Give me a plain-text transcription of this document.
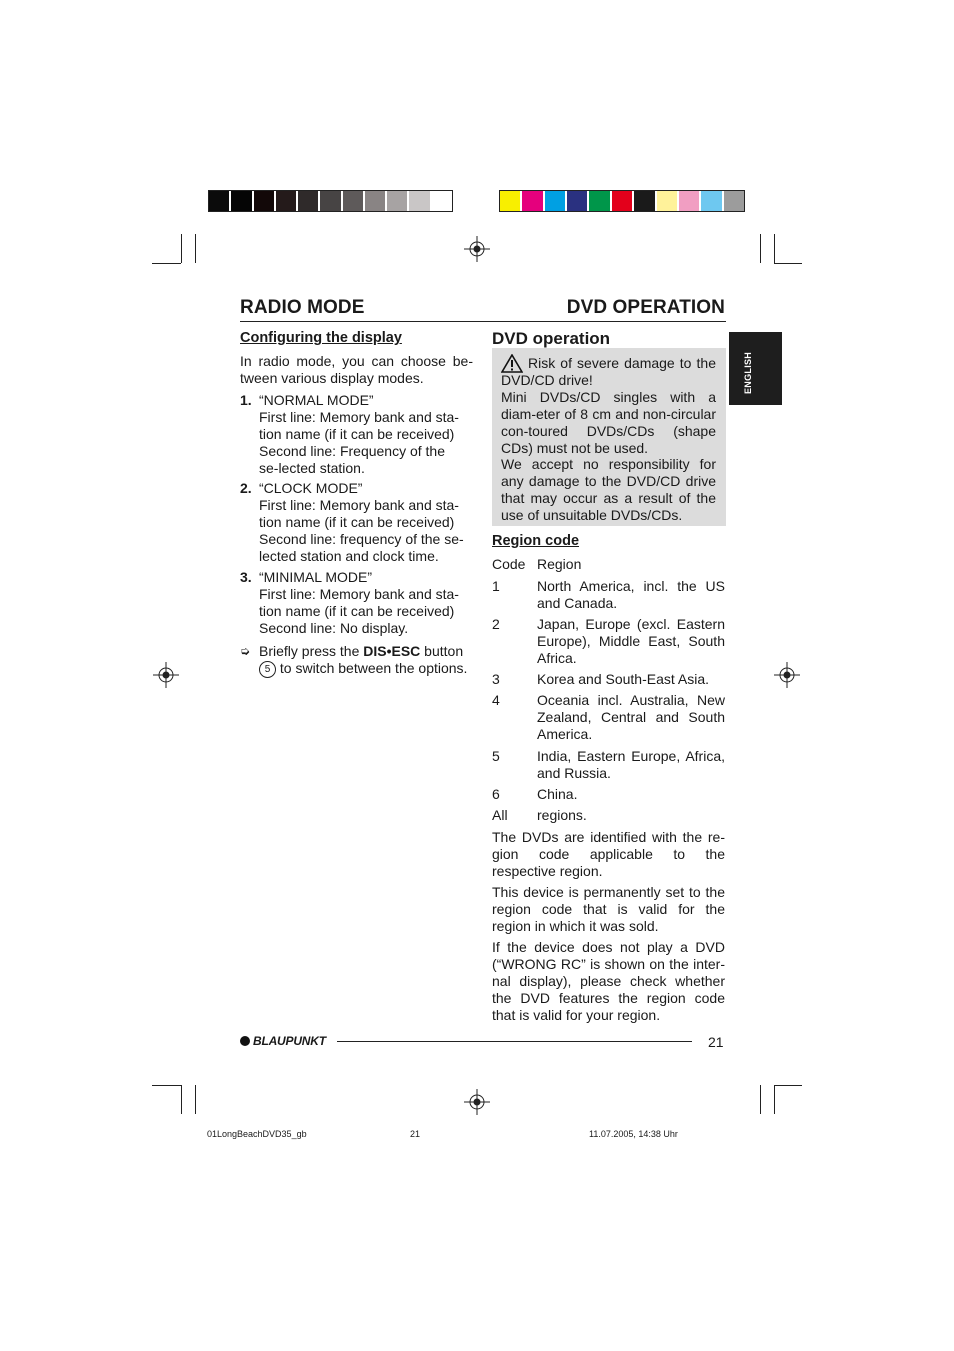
RADIO MODE	DVD OPERATION
ENGLISH
Configuring the display
In radio mode, you can choose be-tween various display modes.
1. “NORMAL MODE”
First line: Memory bank and sta-tion name (if it can be received) Second line: Frequency of the se-lected station.
2. “CLOCK MODE”
First line: Memory bank and sta-tion name (if it can be received) Second line: frequency of the se-lected station and clock time.
3. “MINIMAL MODE”
First line: Memory bank and sta-tion name (if it can be received) Second line: No display.
➭ Briefly press the DIS•ESC button
5 to switch between the options.
DVD operation
Risk of severe damage to the DVD/CD drive!
Mini DVDs/CD singles with a diam-eter of 8 cm and non-circular con-toured DVDs/CDs (shape CDs) must not be used.
We accept no responsibility for any damage to the DVD/CD drive that may occur as a result of the use of unsuitable DVDs/CDs.
Region code
Code Region
1	North America, incl. the US and Canada.
2	Japan, Europe (excl. Eastern Europe), Middle East, South Africa.
3	Korea and South-East Asia.
4	Oceania incl. Australia, New Zealand, Central and South America.
5	India, Eastern Europe, Africa, and Russia.
6	China.
All regions.
The DVDs are identified with the re-gion code applicable to the respective region.
This device is permanently set to the region code that is valid for the region in which it was sold.
If the device does not play a DVD (“WRONG RC” is shown on the inter-nal display), please check whether the DVD features the region code that is valid for your region.
BLAUPUNKT	21
01LongBeachDVD35_gb	21	11.07.2005, 14:38 Uhr
